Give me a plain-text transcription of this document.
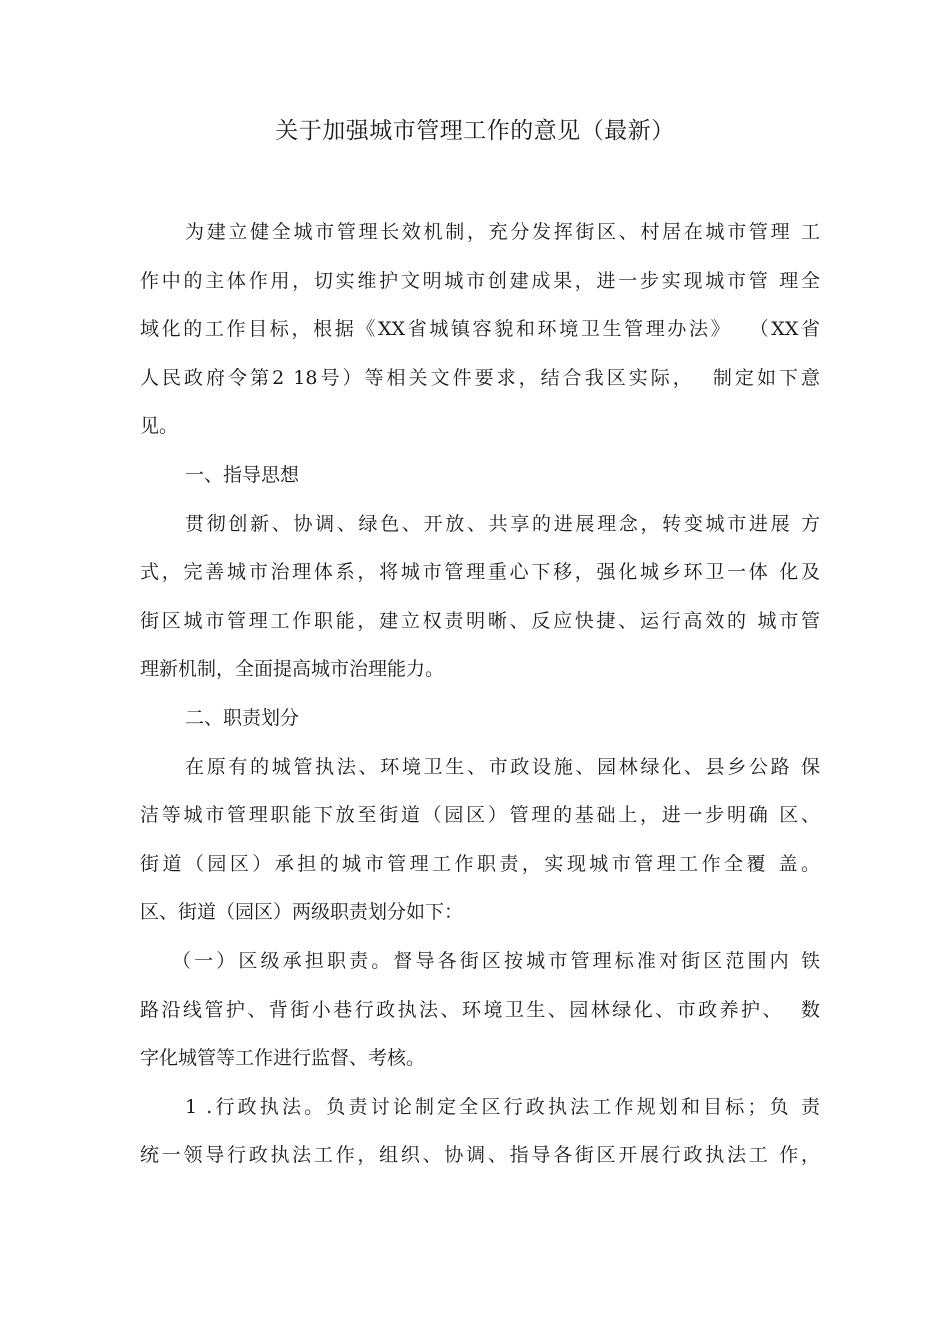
关于加强城市管理工作的意见（最新）
为建立健全城市管理长效机制，充分发挥街区、村居在城市管理 工
作中的主体作用，切实维护文明城市创建成果，进一步实现城市管 理全
域化的工作目标，根据《XX省城镇容貌和环境卫生管理办法》  （XX省
人民政府令第2 18号）等相关文件要求，结合我区实际，  制定如下意
见。
一、指导思想
贯彻创新、协调、绿色、开放、共享的进展理念，转变城市进展 方
式，完善城市治理体系，将城市管理重心下移，强化城乡环卫一体 化及
街区城市管理工作职能，建立权责明晰、反应快捷、运行高效的 城市管
理新机制，全面提高城市治理能力。
二、职责划分
在原有的城管执法、环境卫生、市政设施、园林绿化、县乡公路 保
洁等城市管理职能下放至街道（园区）管理的基础上，进一步明确 区、
街道（园区）承担的城市管理工作职责，实现城市管理工作全覆 盖。
区、街道（园区）两级职责划分如下：
（一）区级承担职责。督导各街区按城市管理标准对街区范围内 铁
路沿线管护、背街小巷行政执法、环境卫生、园林绿化、市政养护、  数
字化城管等工作进行监督、考核。
1 .行政执法。负责讨论制定全区行政执法工作规划和目标；负 责
统一领导行政执法工作，组织、协调、指导各街区开展行政执法工 作，
